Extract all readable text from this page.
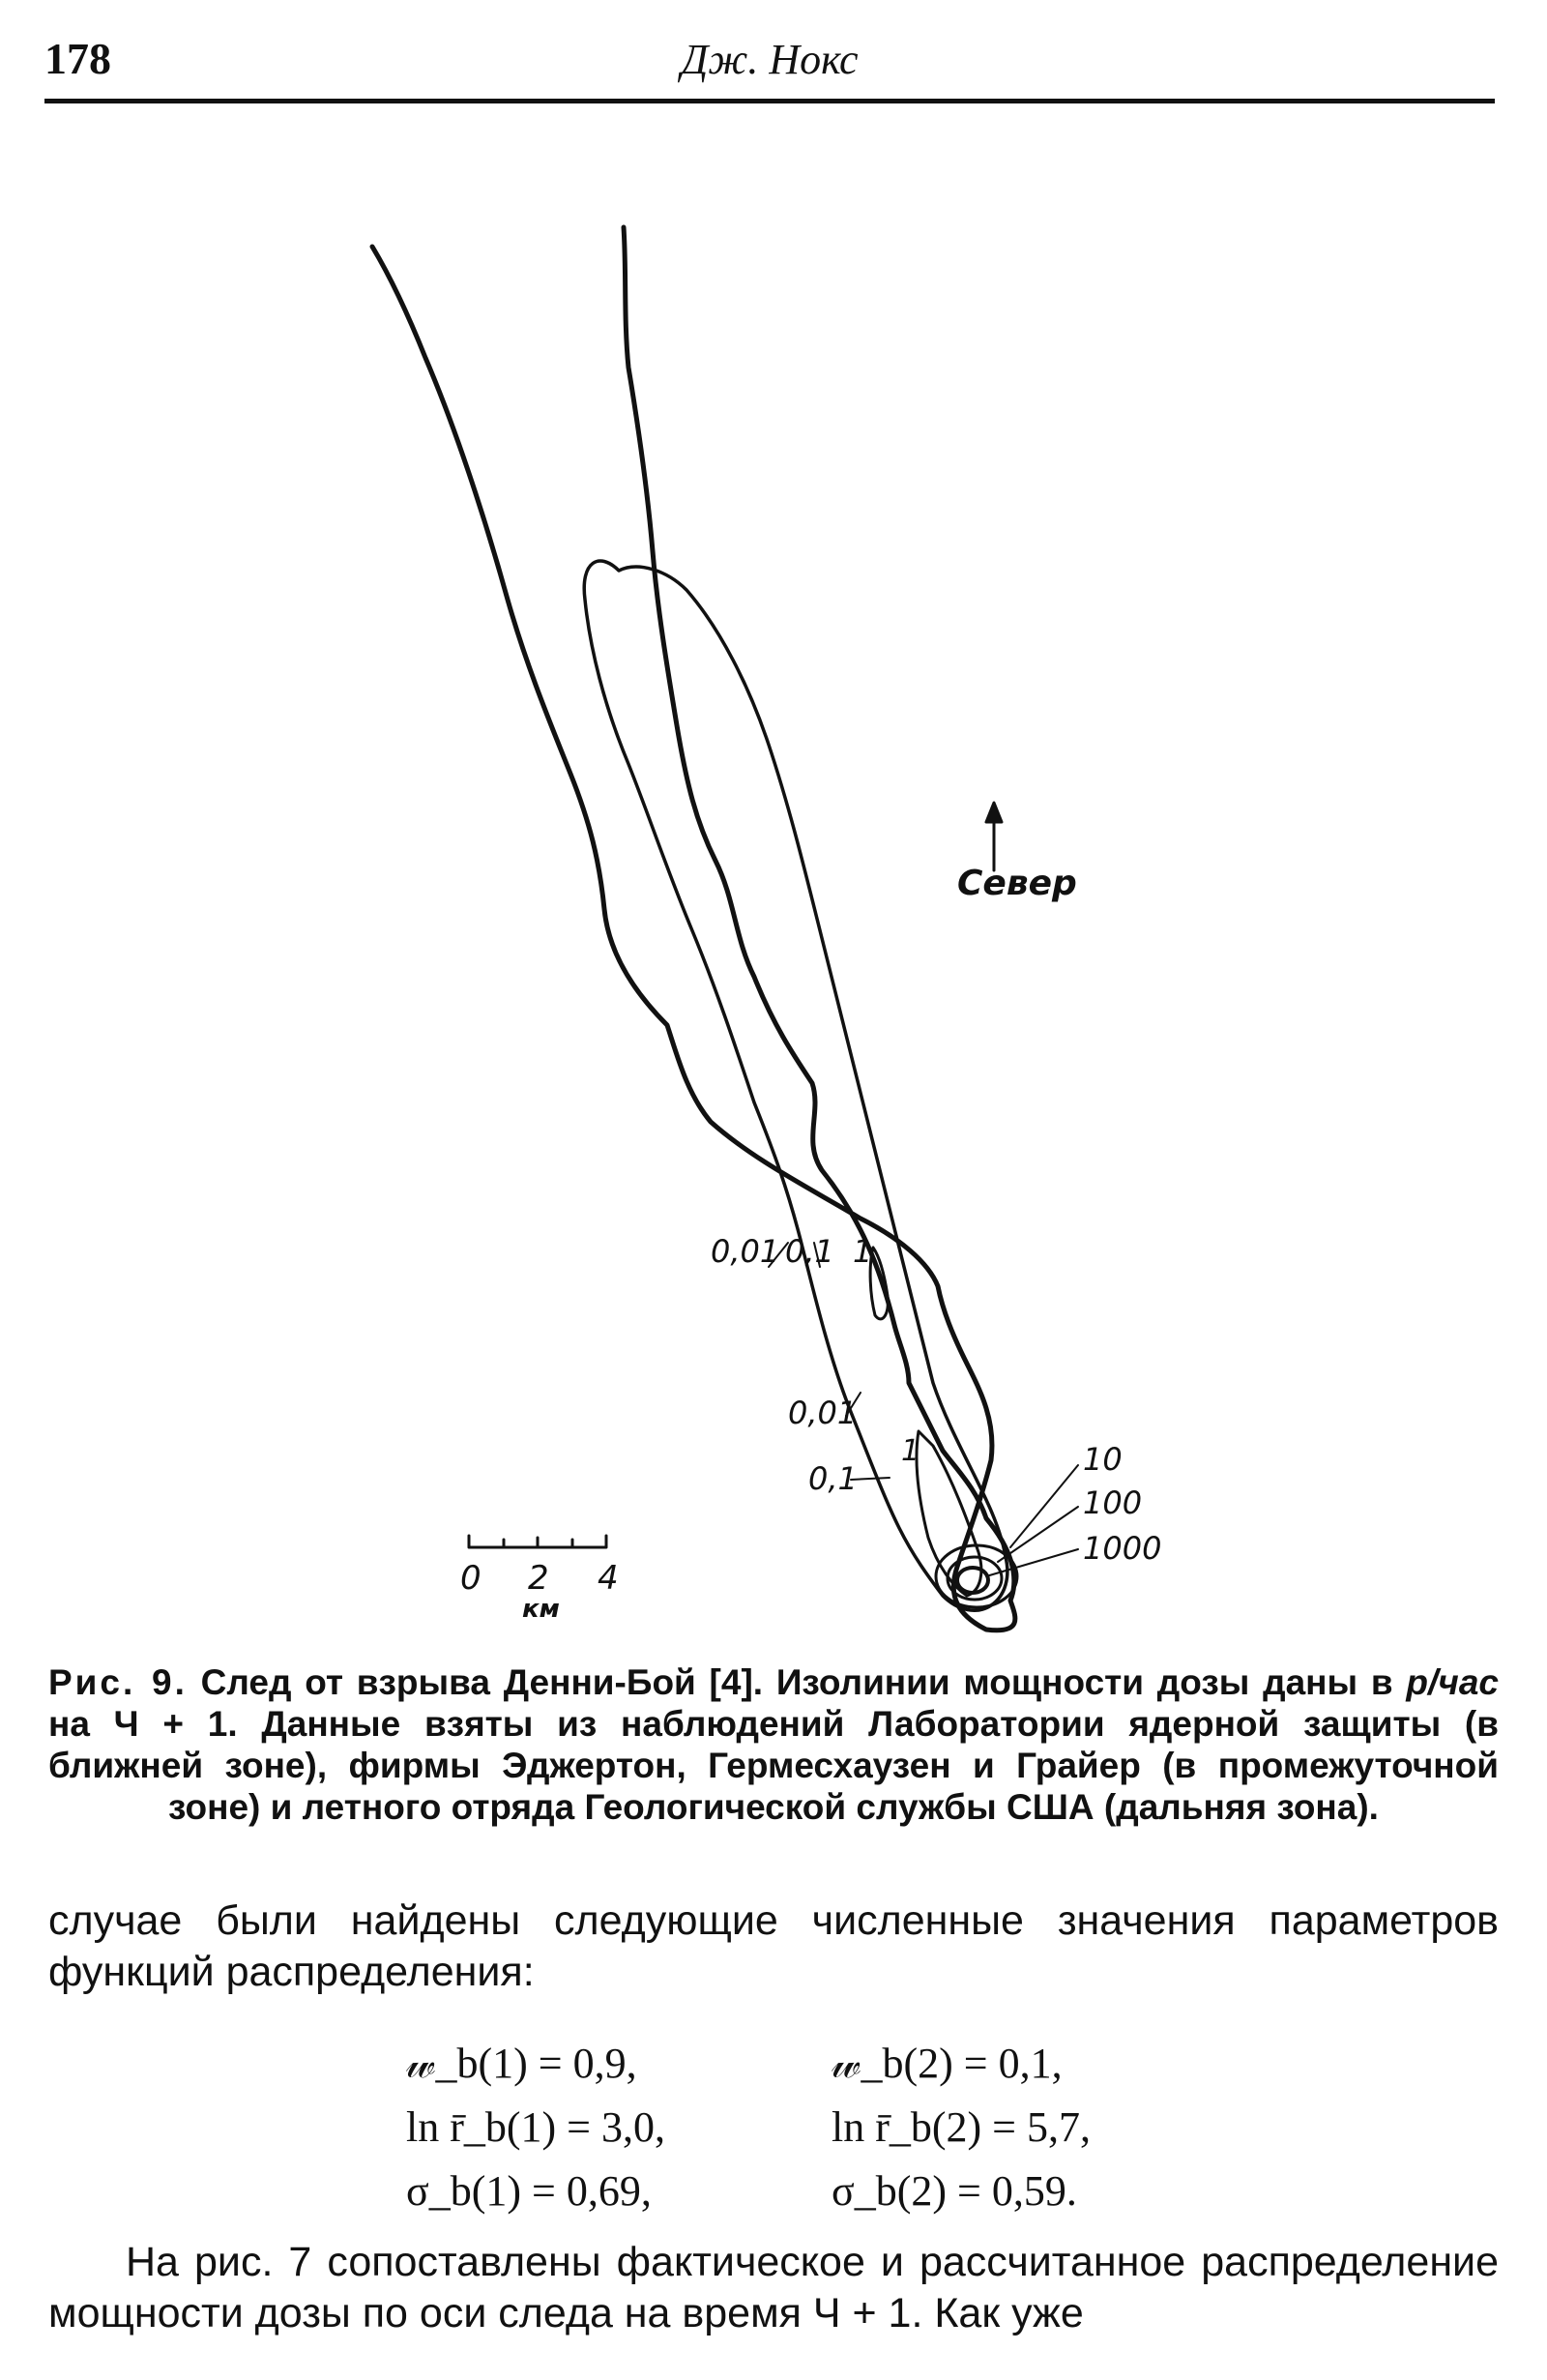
178	Дж. Нокс
Север
0 2 4
км
0,01 0,1 1
0,01
0,1
1	10
100
1000
Рис. 9. След от взрыва Денни-Бой [4]. Изолинии мощности дозы даны в р/час на Ч + 1. Данные взяты из наблюдений Лаборатории ядерной защиты (в ближней зоне), фирмы Эджертон, Гермесхаузен и Грайер (в промежуточной зоне) и летного отряда Геологической службы США (дальняя зона).
случае были найдены следующие численные значения параметров функций распределения:
𝓌_b(1) = 0,9,	𝓌_b(2) = 0,1,
ln r̄_b(1) = 3,0,	ln r̄_b(2) = 5,7,
σ_b(1) = 0,69,	σ_b(2) = 0,59.
На рис. 7 сопоставлены фактическое и рассчитанное распределение мощности дозы по оси следа на время Ч + 1. Как уже
